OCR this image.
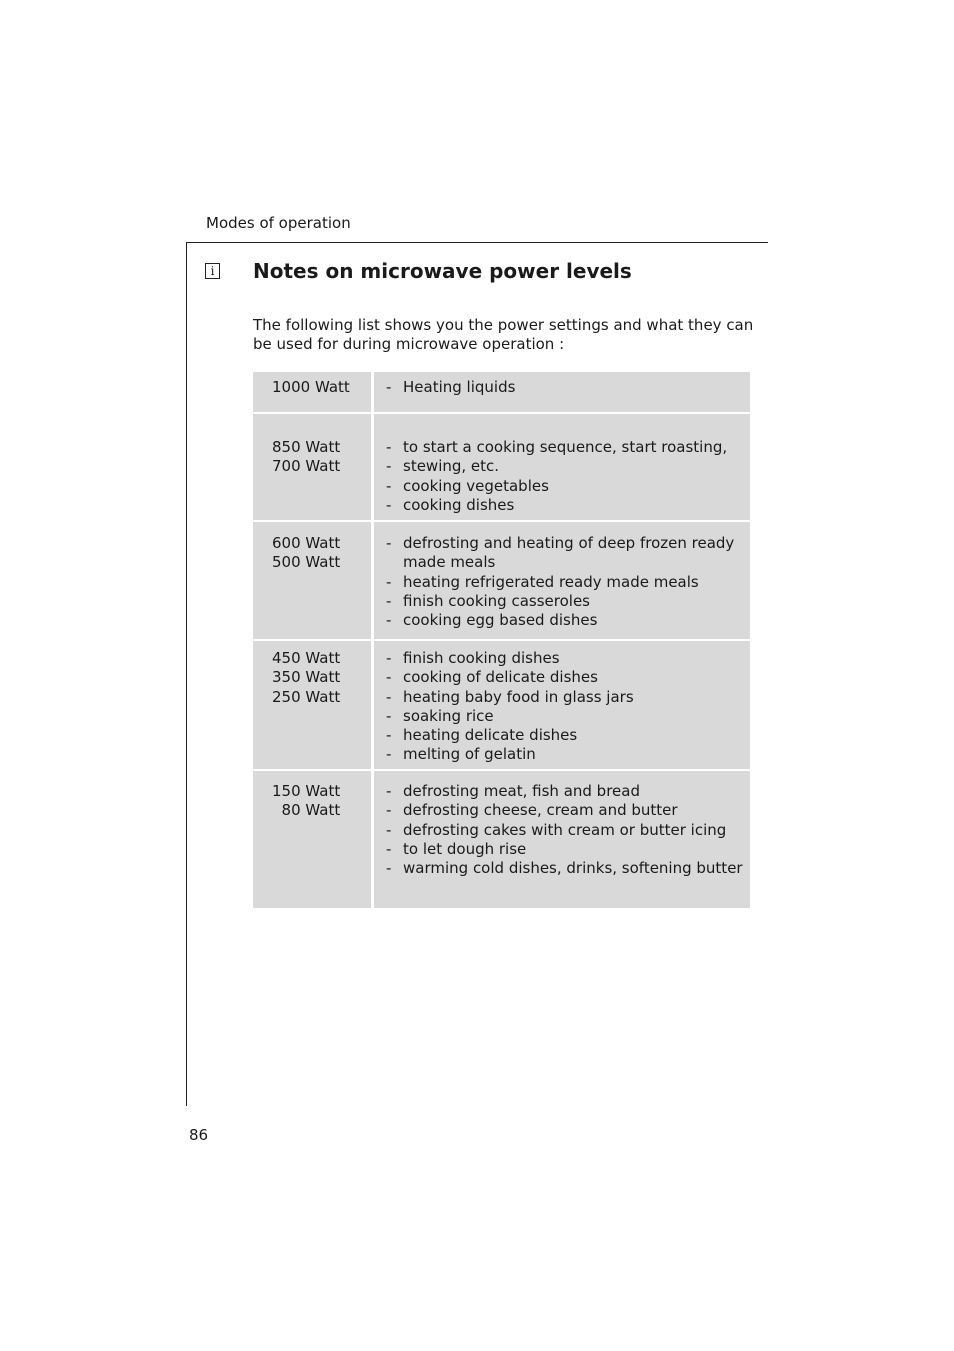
Modes of operation
i Notes on microwave power levels

The following list shows you the power settings and what they can be used for during microwave operation :

1000 Watt	- Heating liquids
850 Watt
700 Watt
- to start a cooking sequence, start roasting,
- stewing, etc.
- cooking vegetables
- cooking dishes
600 Watt
500 Watt
- defrosting and heating of deep frozen ready
made meals
- heating refrigerated ready made meals
- finish cooking casseroles
- cooking egg based dishes
450 Watt
350 Watt
250 Watt
- finish cooking dishes
- cooking of delicate dishes
- heating baby food in glass jars
- soaking rice
- heating delicate dishes
- melting of gelatin
150 Watt
80 Watt
- defrosting meat, fish and bread
- defrosting cheese, cream and butter
- defrosting cakes with cream or butter icing
- to let dough rise
- warming cold dishes, drinks, softening butter
86
